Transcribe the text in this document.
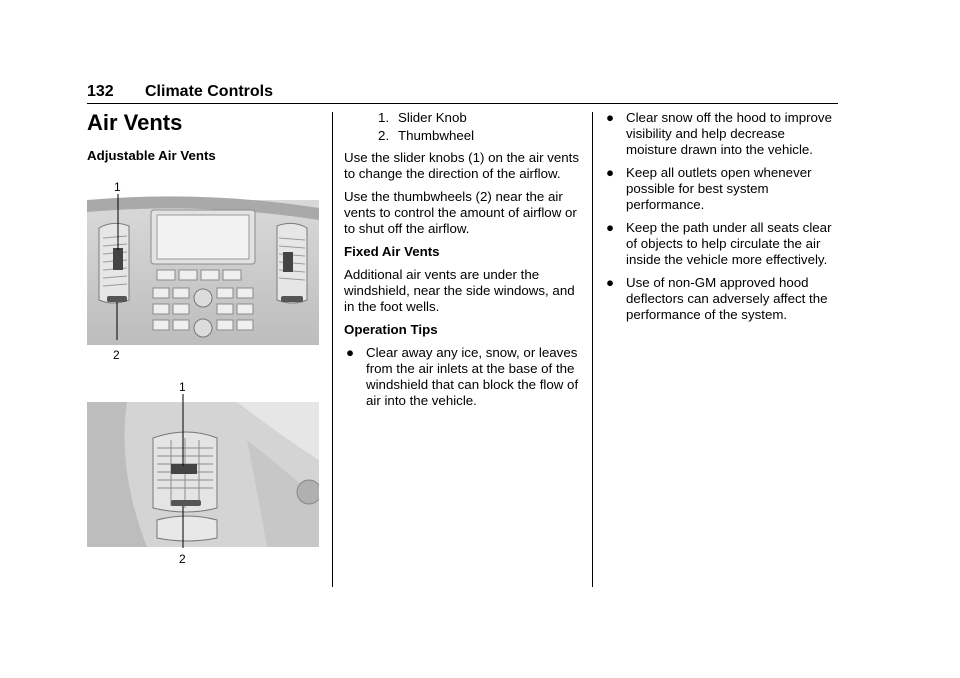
132 Climate Controls
Air Vents
Adjustable Air Vents
1
2
1
2
1. Slider Knob
2. Thumbwheel

Use the slider knobs (1) on the air vents to change the direction of the airflow.

Use the thumbwheels (2) near the air vents to control the amount of airflow or to shut off the airflow.

Fixed Air Vents

Additional air vents are under the windshield, near the side windows, and in the foot wells.

Operation Tips

● Clear away any ice, snow, or leaves from the air inlets at the base of the windshield that can block the flow of air into the vehicle.
● Clear snow off the hood to improve visibility and help decrease moisture drawn into the vehicle.
● Keep all outlets open whenever possible for best system performance.
● Keep the path under all seats clear of objects to help circulate the air inside the vehicle more effectively.
● Use of non-GM approved hood deflectors can adversely affect the performance of the system.
